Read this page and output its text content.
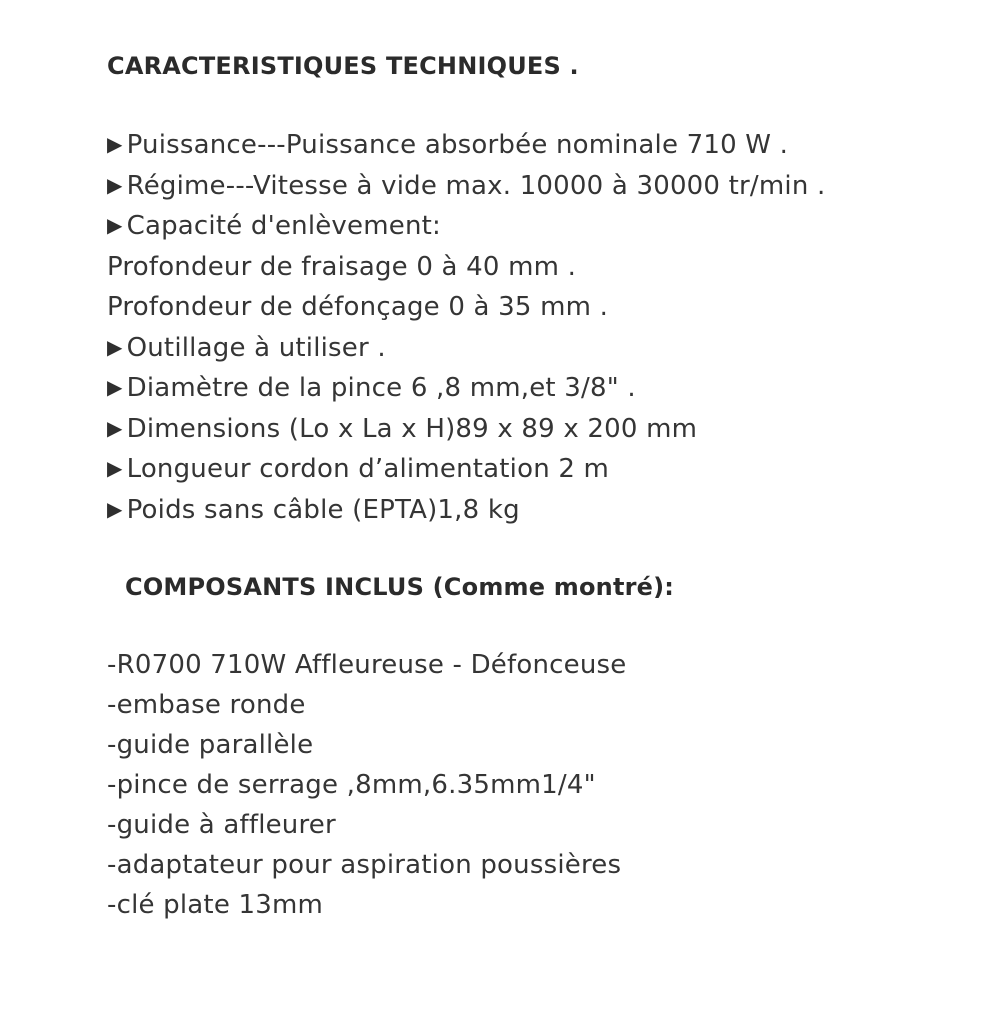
CARACTERISTIQUES TECHNIQUES .
▶ Puissance---Puissance absorbée nominale 710 W .
▶ Régime---Vitesse à vide max. 10000 à 30000 tr/min .
▶ Capacité d'enlèvement:
Profondeur de fraisage 0 à 40 mm .
Profondeur de défonçage 0 à 35 mm .
▶ Outillage à utiliser .
▶ Diamètre de la pince 6 ,8 mm,et 3/8" .
▶ Dimensions (Lo x La x H)89 x 89 x 200 mm
▶ Longueur cordon d’alimentation 2 m
▶ Poids sans câble (EPTA)1,8 kg
COMPOSANTS INCLUS (Comme montré):
-R0700 710W Affleureuse - Défonceuse
-embase ronde
-guide parallèle
-pince de serrage ,8mm,6.35mm1/4"
-guide à affleurer
-adaptateur pour aspiration poussières
-clé plate 13mm
